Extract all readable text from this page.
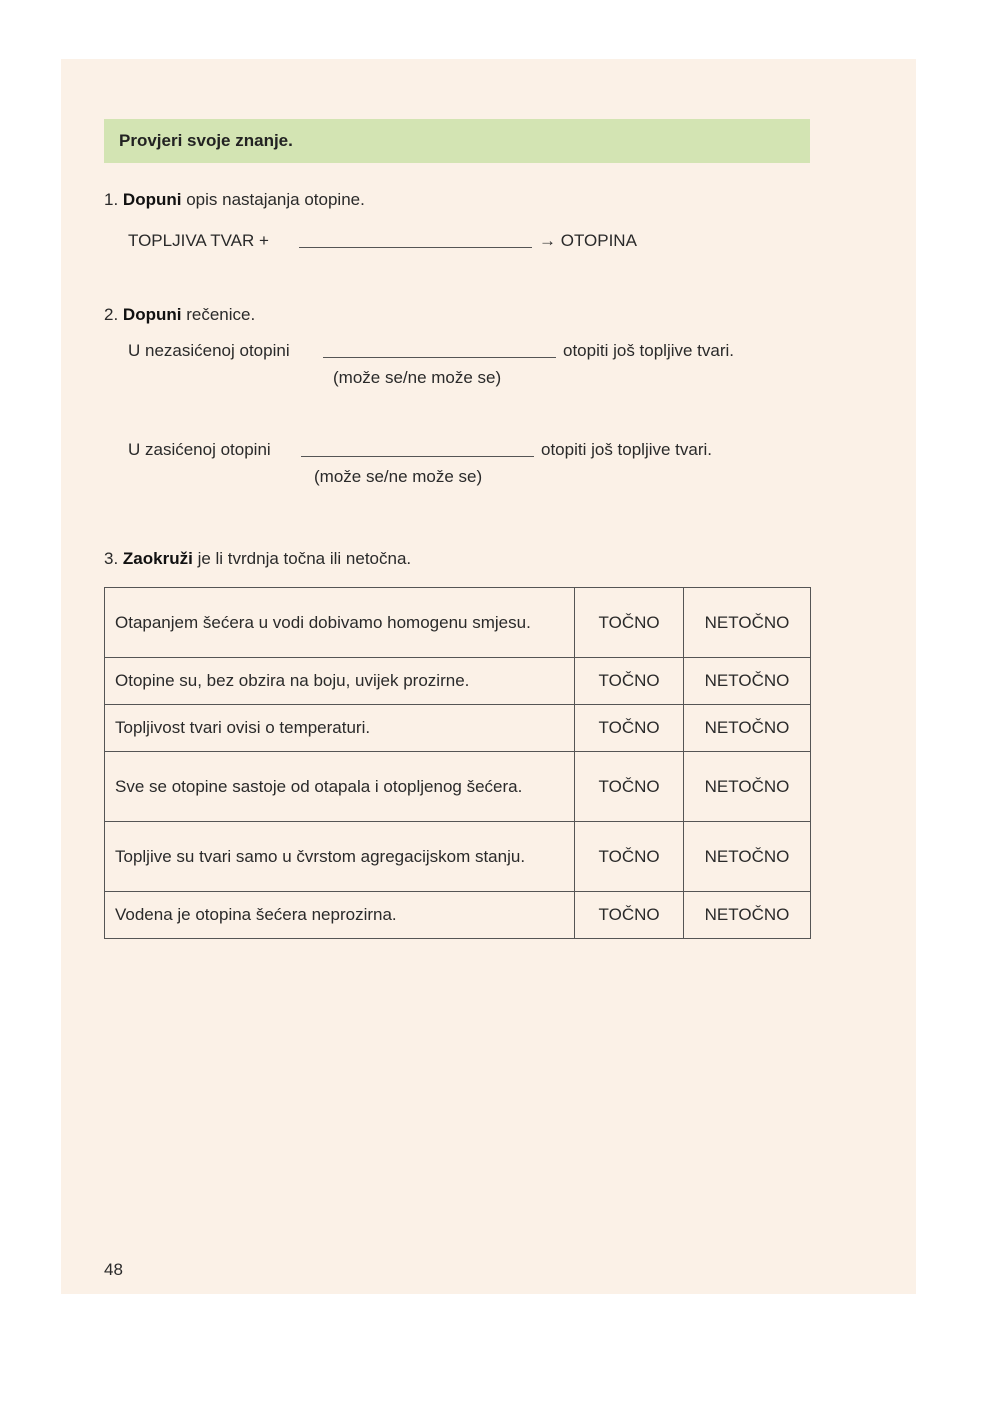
Provjeri svoje znanje.
1. Dopuni opis nastajanja otopine.
TOPLJIVA TVAR +	→ OTOPINA
2. Dopuni rečenice.
U nezasićenoj otopini	otopiti još topljive tvari.
(može se/ne može se)
U zasićenoj otopini	otopiti još topljive tvari.
(može se/ne može se)
3. Zaokruži je li tvrdnja točna ili netočna.
Otapanjem šećera u vodi dobivamo homogenu smjesu.	TOČNO	NETOČNO
Otopine su, bez obzira na boju, uvijek prozirne.	TOČNO	NETOČNO
Topljivost tvari ovisi o temperaturi.	TOČNO	NETOČNO
Sve se otopine sastoje od otapala i otopljenog šećera.	TOČNO	NETOČNO
Topljive su tvari samo u čvrstom agregacijskom stanju.	TOČNO	NETOČNO
Vodena je otopina šećera neprozirna.	TOČNO	NETOČNO
48
